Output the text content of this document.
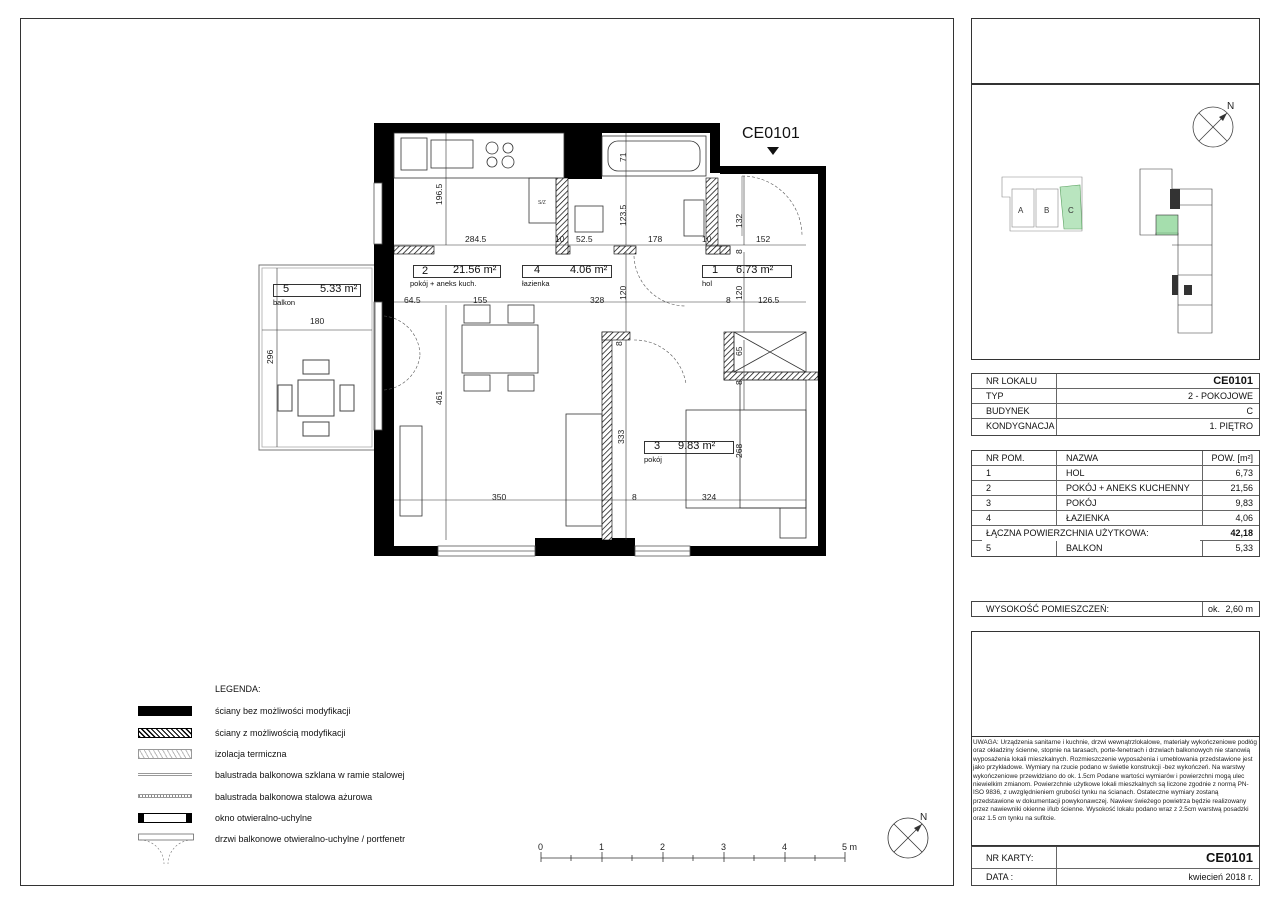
S/Z
CE0101
196.5
284.5	10 52.5	178	10	152
71
123.5	132
64.5	155	328 120	8	126.5
120
180
296
461
8
65
8
333
268
350	8	324
8
2 21.56 m²
pokój + aneks kuch.
4	4.06 m²
łazienka
1 6.73 m²
hol
5	5.33 m²
balkon
3 9.83 m²
pokój
LEGENDA:
ściany bez możliwości modyfikacji
ściany z możliwością modyfikacji
izolacja termiczna
balustrada balkonowa szklana w ramie stalowej
balustrada balkonowa stalowa ażurowa
okno otwieralno-uchylne
drzwi balkonowe otwieralno-uchylne / portfenetr
0	1	2	3	4	5 m
N
N
A	B C
NR LOKALU	CE0101
TYP	2 - POKOJOWE
BUDYNEK	C
KONDYGNACJA	1. PIĘTRO
NR POM.	NAZWA	POW. [m²]
1	HOL	6,73
2	POKÓJ + ANEKS KUCHENNY	21,56
3	POKÓJ	9,83
4	ŁAZIENKA	4,06
ŁĄCZNA POWIERZCHNIA UŻYTKOWA:	42,18
5	BALKON	5,33
WYSOKOŚĆ POMIESZCZEŃ:	ok. 2,60 m
UWAGA: Urządzenia sanitarne i kuchnie, drzwi wewnątrzlokalowe, materiały wykończeniowe podłóg oraz okładziny ścienne, stopnie na tarasach, porte-fenetrach i drzwiach balkonowych nie stanowią wyposażenia lokali mieszkalnych. Rozmieszczenie wyposażenia i umeblowania przedstawione jest jako przykładowe. Wymiary na rzucie podano w świetle konstrukcji -bez wykończeń. Na warstwy wykończeniowe przewidziano do ok. 1.5cm Podane wartości wymiarów i powierzchni mogą ulec niewielkim zmianom. Powierzchnie użytkowe lokali mieszkalnych są liczone zgodnie z normą PN-ISO 9836, z uwzględnieniem grubości tynku na ścianach. Ostateczne wymiary zostaną przedstawione w dokumentacji powykonawczej. Nawiew świeżego powietrza będzie realizowany przez nawiewniki okienne i/lub ścienne. Wysokość lokalu podano wraz z 2.5cm warstwą posadzki oraz 1.5 cm tynku na sufitcie.
NR KARTY:	CE0101
DATA :	kwiecień 2018 r.
